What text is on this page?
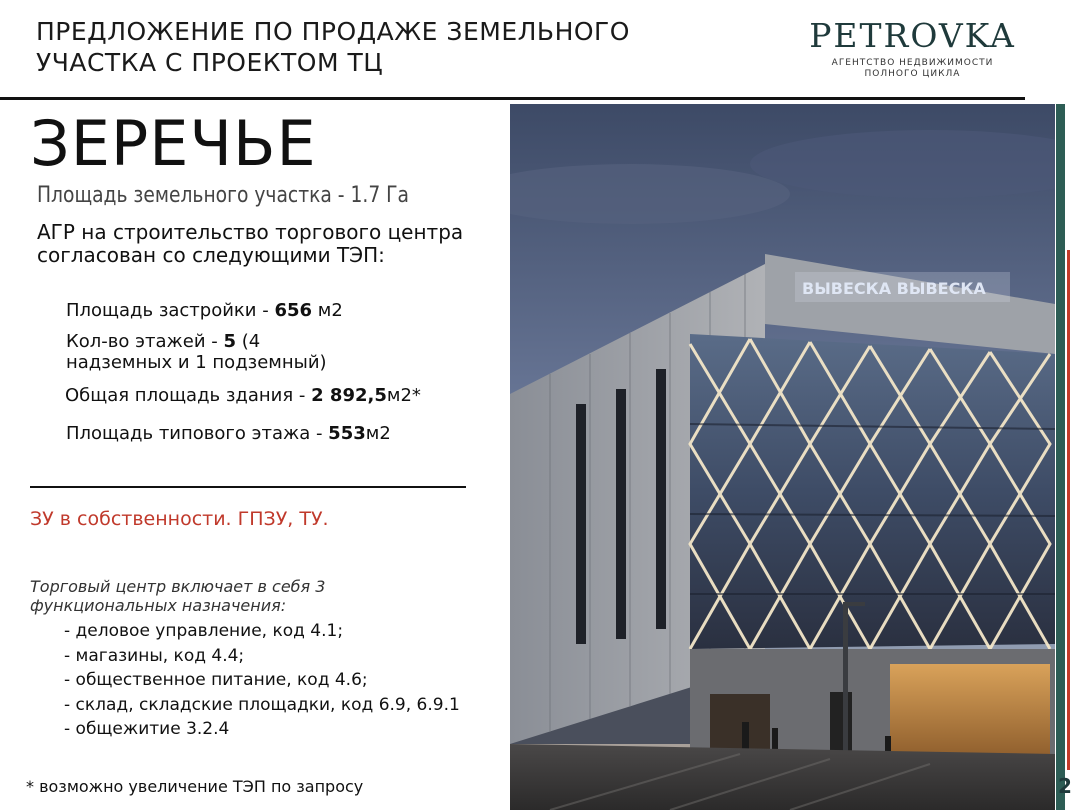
ПРЕДЛОЖЕНИЕ ПО ПРОДАЖЕ ЗЕМЕЛЬНОГО
УЧАСТКА С ПРОЕКТОМ ТЦ
PETROVKA
АГЕНТСТВО НЕДВИЖИМОСТИ
ПОЛНОГО ЦИКЛА
ВЫВЕСКА ВЫВЕСКА
2
ЗЕРЕЧЬЕ
Площадь земельного участка - 1.7 Га
АГР на строительство торгового центра согласован со следующими ТЭП:
Площадь застройки - 656 м2
Кол-во этажей - 5 (4 надземных и 1 подземный)
Общая площадь здания - 2 892,5м2*
Площадь типового этажа - 553м2
ЗУ в собственности. ГПЗУ, ТУ.
Торговый центр включает в себя 3 функциональных назначения:
- деловое управление, код 4.1;
- магазины, код 4.4;
- общественное питание, код 4.6;
- склад, складские площадки, код 6.9, 6.9.1
- общежитие 3.2.4
* возможно увеличение ТЭП по запросу
